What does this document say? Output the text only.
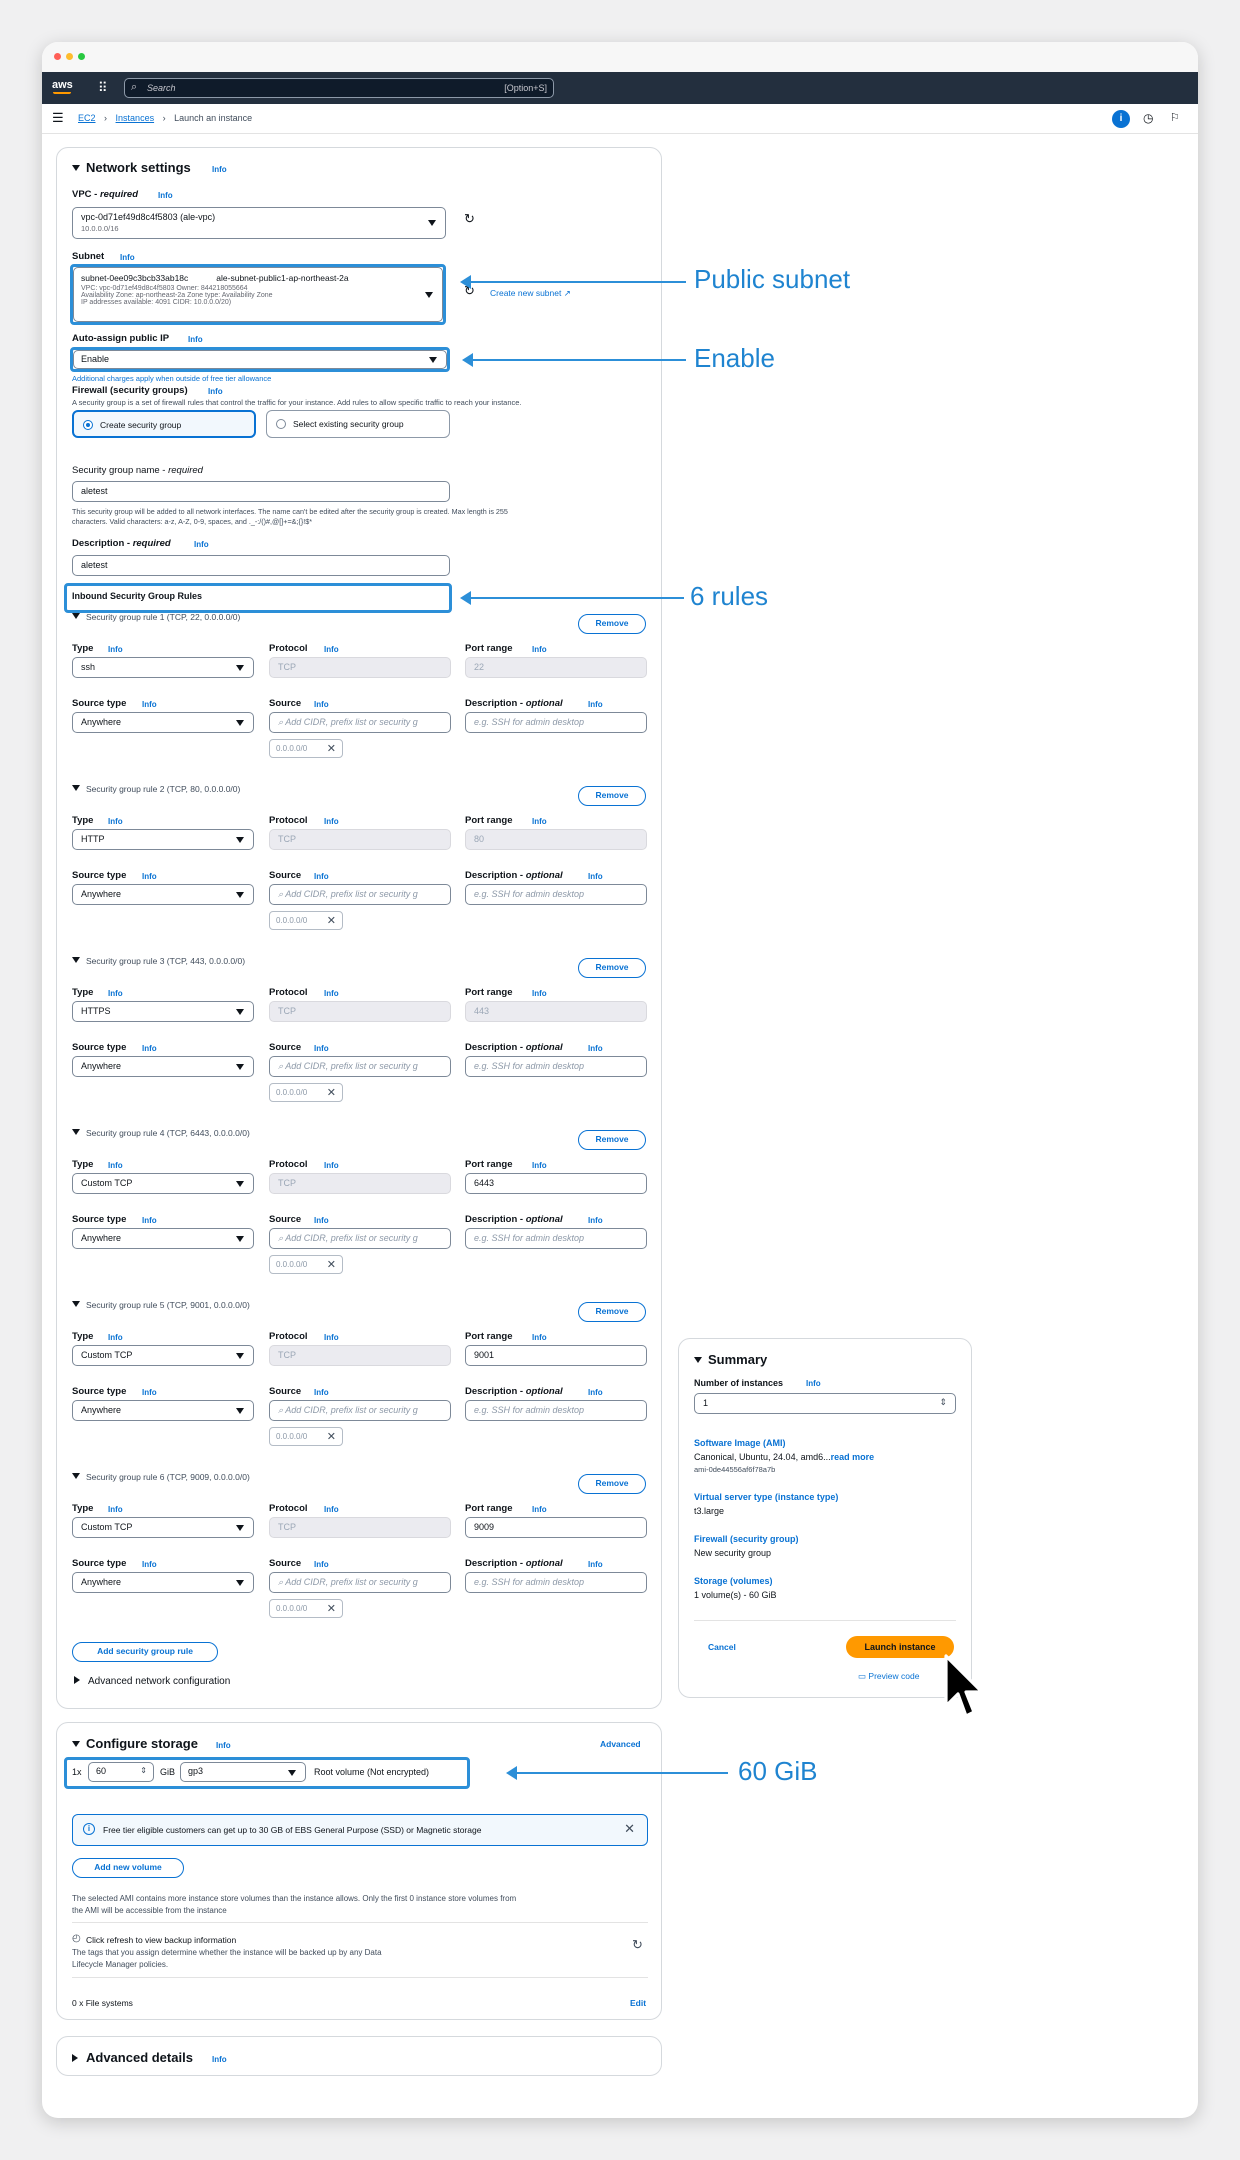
aws ⠿ ⌕ Search	[Option+S]
☰ EC2 › Instances › Launch an instance	i	◷ ⚐
Network settings	Info
VPC - required	Info
vpc-0d71ef49d8c4f5803 (ale-vpc)
10.0.0.0/16
↻
Subnet Info
subnet-0ee09c3bcb33ab18c	ale-subnet-public1-ap-northeast-2a
VPC: vpc-0d71ef49d8c4f5803 Owner: 844218055664
Availability Zone: ap-northeast-2a Zone type: Availability Zone
IP addresses available: 4091 CIDR: 10.0.0.0/20)
↻ Create new subnet ↗
Auto-assign public IP Info
Enable
Additional charges apply when outside of free tier allowance
Firewall (security groups)	Info
A security group is a set of firewall rules that control the traffic for your instance. Add rules to allow specific traffic to reach your instance.
Create security group	Select existing security group
Security group name - required
aletest
This security group will be added to all network interfaces. The name can't be edited after the security group is created. Max length is 255
characters. Valid characters: a-z, A-Z, 0-9, spaces, and ._-:/()#,@[]+=&;{}!$*
Description - required	Info
aletest
Inbound Security Group Rules
Security group rule 1 (TCP, 22, 0.0.0.0/0)
Remove
Type Info	Protocol Info	Port range Info
ssh	TCP	22
Source type Info	Source Info	Description - optional	Info
Anywhere	⌕ Add CIDR, prefix list or security g	e.g. SSH for admin desktop
0.0.0.0/0 ✕
Security group rule 2 (TCP, 80, 0.0.0.0/0)
Remove
Type Info	Protocol Info	Port range Info
HTTP	TCP	80
Source type Info	Source Info	Description - optional	Info
Anywhere	⌕ Add CIDR, prefix list or security g	e.g. SSH for admin desktop
0.0.0.0/0 ✕
Security group rule 3 (TCP, 443, 0.0.0.0/0)
Remove
Type Info	Protocol Info	Port range Info
HTTPS	TCP	443
Source type Info	Source Info	Description - optional	Info
Anywhere	⌕ Add CIDR, prefix list or security g	e.g. SSH for admin desktop
0.0.0.0/0 ✕
Security group rule 4 (TCP, 6443, 0.0.0.0/0)
Remove
Type Info	Protocol Info	Port range Info
Custom TCP	TCP	6443
Source type Info	Source Info	Description - optional	Info
Anywhere	⌕ Add CIDR, prefix list or security g	e.g. SSH for admin desktop
0.0.0.0/0 ✕
Security group rule 5 (TCP, 9001, 0.0.0.0/0)
Remove
Type Info	Protocol Info	Port range Info
Custom TCP	TCP	9001
Source type Info	Source Info	Description - optional	Info
Anywhere	⌕ Add CIDR, prefix list or security g	e.g. SSH for admin desktop
0.0.0.0/0 ✕
Security group rule 6 (TCP, 9009, 0.0.0.0/0)
Remove
Type Info	Protocol Info	Port range Info
Custom TCP	TCP	9009
Source type Info	Source Info	Description - optional	Info
Anywhere	⌕ Add CIDR, prefix list or security g	e.g. SSH for admin desktop
0.0.0.0/0 ✕
Add security group rule
Advanced network configuration
Configure storage Info	Advanced
1x	60	⇕ GiB	gp3	Root volume (Not encrypted)
i	Free tier eligible customers can get up to 30 GB of EBS General Purpose (SSD) or Magnetic storage	✕
Add new volume
The selected AMI contains more instance store volumes than the instance allows. Only the first 0 instance store volumes from
the AMI will be accessible from the instance
◴ Click refresh to view backup information
The tags that you assign determine whether the instance will be backed up by any Data
Lifecycle Manager policies.
↻
0 x File systems	Edit
Advanced details Info
Summary
Number of instances	Info
1	⇕
Software Image (AMI)
Canonical, Ubuntu, 24.04, amd6...read more
ami-0de44556af6f78a7b
Virtual server type (instance type)
t3.large
Firewall (security group)
New security group
Storage (volumes)
1 volume(s) - 60 GiB
Cancel	Launch instance
▭ Preview code
Public subnet
Enable
6 rules
60 GiB
